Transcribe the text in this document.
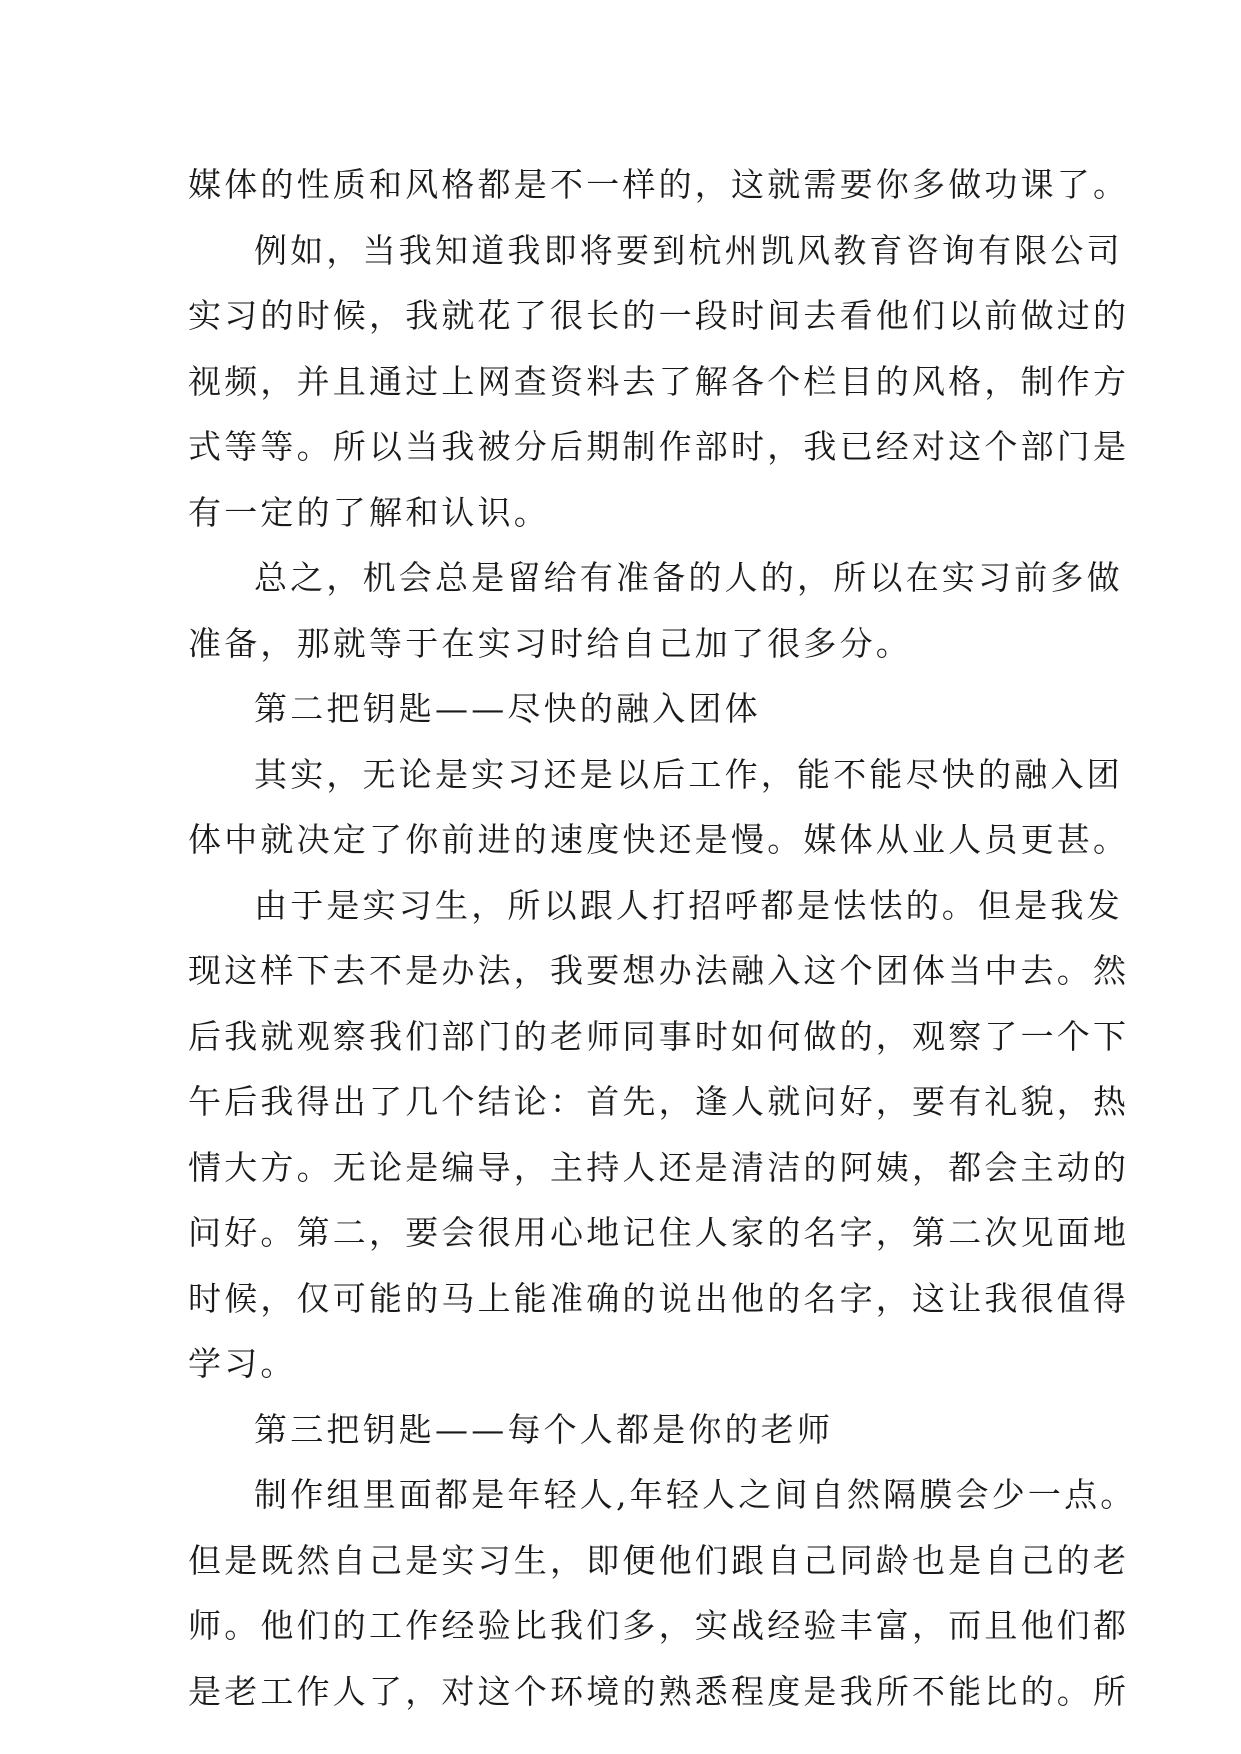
媒体的性质和风格都是不一样的，这就需要你多做功课了。
例如，当我知道我即将要到杭州凯风教育咨询有限公司
实习的时候，我就花了很长的一段时间去看他们以前做过的
视频，并且通过上网查资料去了解各个栏目的风格，制作方
式等等。所以当我被分后期制作部时，我已经对这个部门是
有一定的了解和认识。
总之，机会总是留给有准备的人的，所以在实习前多做
准备，那就等于在实习时给自己加了很多分。
第二把钥匙——尽快的融入团体
其实，无论是实习还是以后工作，能不能尽快的融入团
体中就决定了你前进的速度快还是慢。媒体从业人员更甚。
由于是实习生，所以跟人打招呼都是怯怯的。但是我发
现这样下去不是办法，我要想办法融入这个团体当中去。然
后我就观察我们部门的老师同事时如何做的，观察了一个下
午后我得出了几个结论：首先，逢人就问好，要有礼貌，热
情大方。无论是编导，主持人还是清洁的阿姨，都会主动的
问好。第二，要会很用心地记住人家的名字，第二次见面地
时候，仅可能的马上能准确的说出他的名字，这让我很值得
学习。
第三把钥匙——每个人都是你的老师
制作组里面都是年轻人,年轻人之间自然隔膜会少一点。
但是既然自己是实习生，即便他们跟自己同龄也是自己的老
师。他们的工作经验比我们多，实战经验丰富，而且他们都
是老工作人了，对这个环境的熟悉程度是我所不能比的。所
